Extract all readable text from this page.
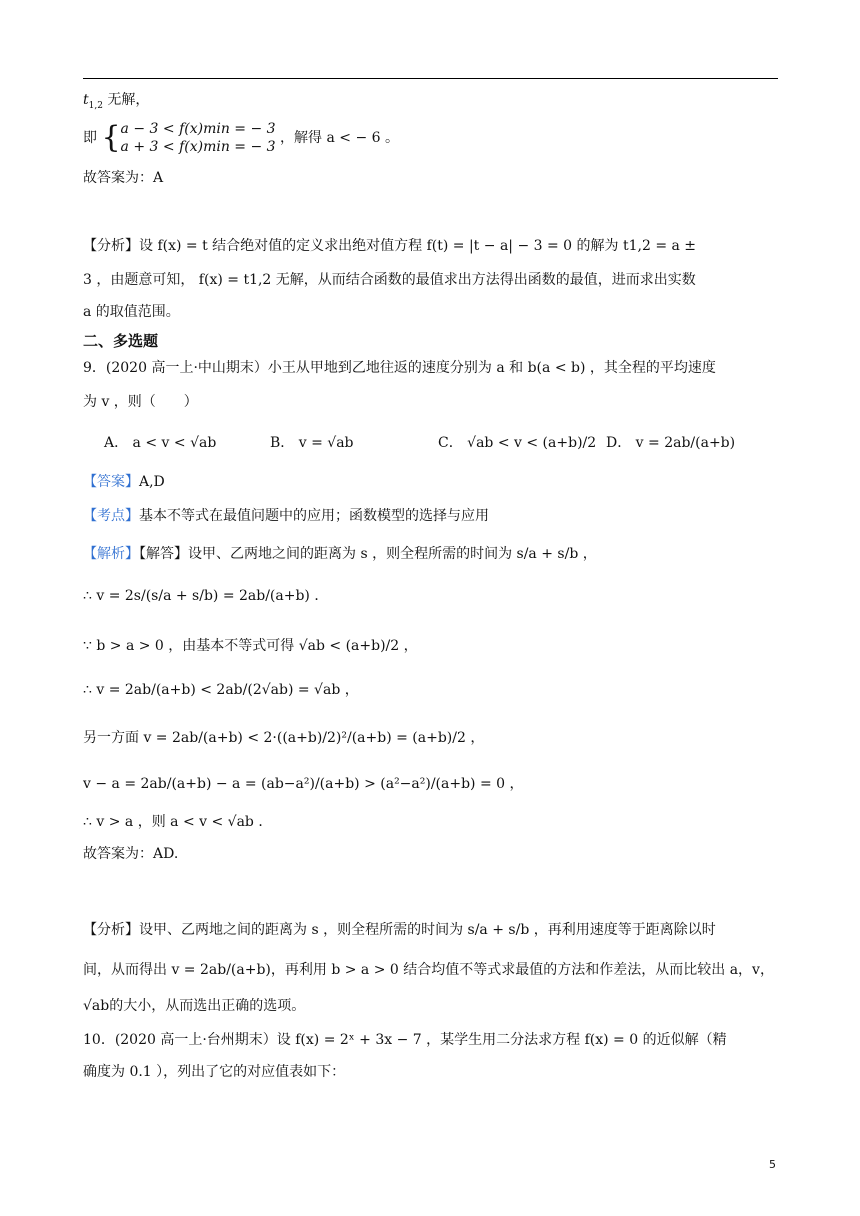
$t_{1,2}$ 无解，
即 {a − 3 < f(x)min = − 3
a + 3 < f(x)min = − 3 ，解得 a < − 6 。
故答案为：A
【分析】设 f(x) = t 结合绝对值的定义求出绝对值方程 f(t) = |t − a| − 3 = 0 的解为 t1,2 = a ±
3 ，由题意可知， f(x) = t1,2 无解，从而结合函数的最值求出方法得出函数的最值，进而求出实数
a 的取值范围。
二、多选题
9．(2020 高一上·中山期末）小王从甲地到乙地往返的速度分别为 a 和 b(a < b) ，其全程的平均速度
为 v ，则（　　）
A． a < v < √ab	B． v = √ab	C． √ab < v < (a+b)/2 D． v = 2ab/(a+b)
【答案】A,D
【考点】基本不等式在最值问题中的应用；函数模型的选择与应用
【解析】【解答】设甲、乙两地之间的距离为 s ，则全程所需的时间为 s/a + s/b ，
∴ v = 2s/(s/a + s/b) = 2ab/(a+b) ．
∵ b > a > 0 ，由基本不等式可得 √ab < (a+b)/2 ，
∴ v = 2ab/(a+b) < 2ab/(2√ab) = √ab ，
另一方面 v = 2ab/(a+b) < 2·((a+b)/2)²/(a+b) = (a+b)/2 ，
v − a = 2ab/(a+b) − a = (ab−a²)/(a+b) > (a²−a²)/(a+b) = 0 ，
∴ v > a ，则 a < v < √ab ．
故答案为：AD.
【分析】设甲、乙两地之间的距离为 s ，则全程所需的时间为 s/a + s/b ，再利用速度等于距离除以时
间，从而得出 v = 2ab/(a+b)，再利用 b > a > 0 结合均值不等式求最值的方法和作差法，从而比较出 a，v，
√ab的大小，从而选出正确的选项。
10．(2020 高一上·台州期末）设 f(x) = 2ˣ + 3x − 7 ，某学生用二分法求方程 f(x) = 0 的近似解（精
确度为 0.1 ），列出了它的对应值表如下：
5
